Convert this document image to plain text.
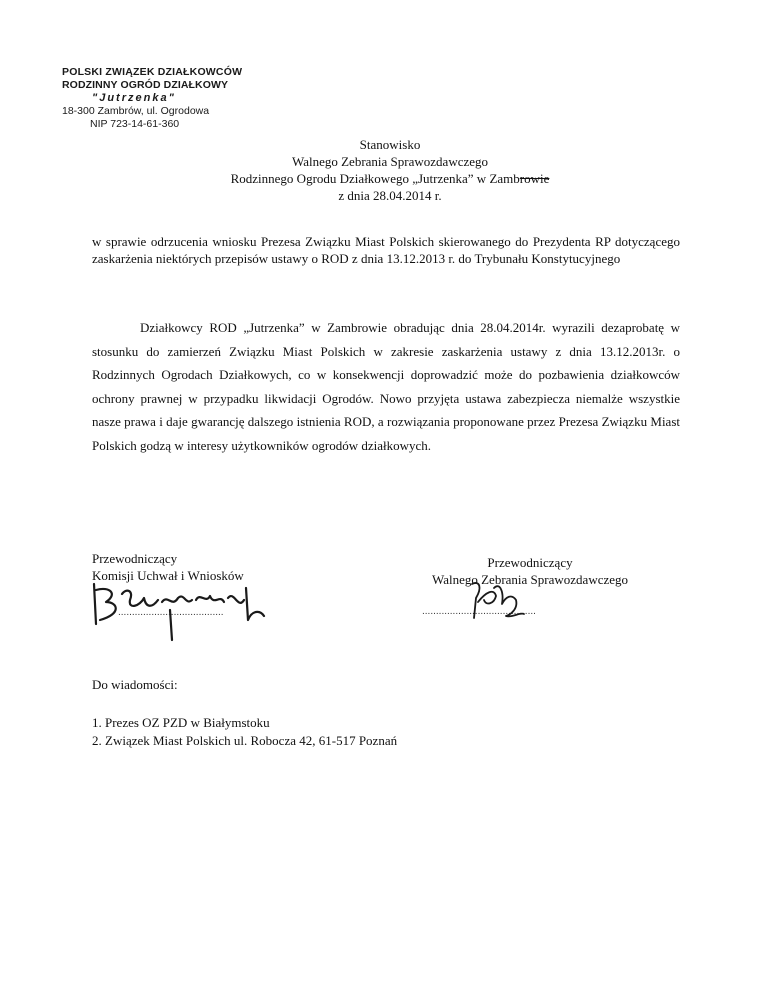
POLSKI ZWIĄZEK DZIAŁKOWCÓW
RODZINNY OGRÓD DZIAŁKOWY
"Jutrzenka"
18-300 Zambrów, ul. Ogrodowa
NIP 723-14-61-360
Stanowisko
Walnego Zebrania Sprawozdawczego
Rodzinnego Ogrodu Działkowego „Jutrzenka” w Zambrowie
z dnia 28.04.2014 r.
w sprawie odrzucenia wniosku Prezesa Związku Miast Polskich skierowanego do Prezydenta RP dotyczącego zaskarżenia niektórych przepisów ustawy o ROD z dnia 13.12.2013 r. do Trybunału Konstytucyjnego
Działkowcy ROD „Jutrzenka” w Zambrowie obradując dnia 28.04.2014r. wyrazili dezaprobatę w stosunku do zamierzeń Związku Miast Polskich w zakresie zaskarżenia ustawy z dnia 13.12.2013r. o Rodzinnych Ogrodach Działkowych, co w konsekwencji doprowadzić może do pozbawienia działkowców ochrony prawnej w przypadku likwidacji Ogrodów. Nowo przyjęta ustawa zabezpiecza niemalże wszystkie nasze prawa i daje gwarancję dalszego istnienia ROD, a rozwiązania proponowane przez Prezesa Związku Miast Polskich godzą w interesy użytkowników ogrodów działkowych.
Przewodniczący
Komisji Uchwał i Wniosków
......................................
Przewodniczący
Walnego Zebrania Sprawozdawczego
.........................................
Do wiadomości:
1. Prezes OZ PZD w Białymstoku
2. Związek Miast Polskich ul. Robocza 42, 61-517 Poznań
